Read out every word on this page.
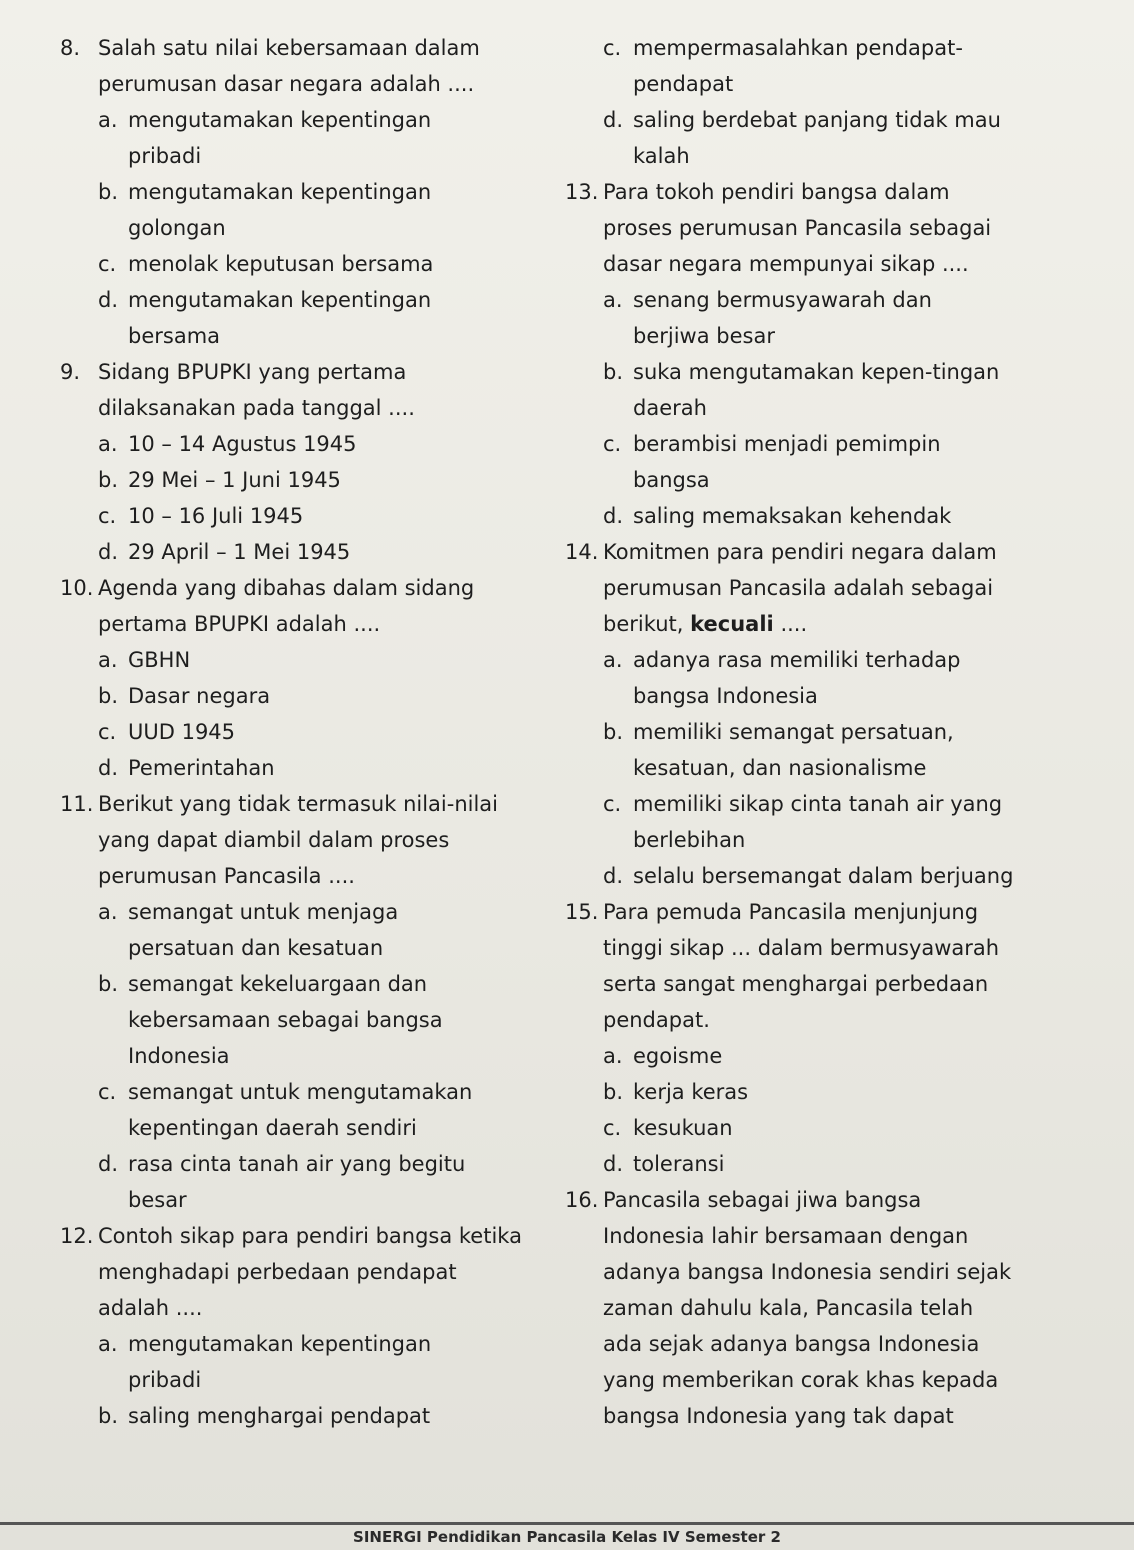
8. Salah satu nilai kebersamaan dalam
perumusan dasar negara adalah ....
a. mengutamakan kepentingan
pribadi
b. mengutamakan kepentingan
golongan
c. menolak keputusan bersama
d. mengutamakan kepentingan
bersama
9. Sidang BPUPKI yang pertama
dilaksanakan pada tanggal ....
a. 10 – 14 Agustus 1945
b. 29 Mei – 1 Juni 1945
c. 10 – 16 Juli 1945
d. 29 April – 1 Mei 1945
10. Agenda yang dibahas dalam sidang
pertama BPUPKI adalah ....
a. GBHN
b. Dasar negara
c. UUD 1945
d. Pemerintahan
11. Berikut yang tidak termasuk nilai-nilai
yang dapat diambil dalam proses
perumusan Pancasila ....
a. semangat untuk menjaga
persatuan dan kesatuan
b. semangat kekeluargaan dan
kebersamaan sebagai bangsa
Indonesia
c. semangat untuk mengutamakan
kepentingan daerah sendiri
d. rasa cinta tanah air yang begitu
besar
12. Contoh sikap para pendiri bangsa ketika
menghadapi perbedaan pendapat
adalah ....
a. mengutamakan kepentingan
pribadi
b. saling menghargai pendapat
c. mempermasalahkan pendapat-
pendapat
d. saling berdebat panjang tidak mau
kalah
13. Para tokoh pendiri bangsa dalam
proses perumusan Pancasila sebagai
dasar negara mempunyai sikap ....
a. senang bermusyawarah dan
berjiwa besar
b. suka mengutamakan kepen-tingan
daerah
c. berambisi menjadi pemimpin
bangsa
d. saling memaksakan kehendak
14. Komitmen para pendiri negara dalam
perumusan Pancasila adalah sebagai
berikut, kecuali ....
a. adanya rasa memiliki terhadap
bangsa Indonesia
b. memiliki semangat persatuan,
kesatuan, dan nasionalisme
c. memiliki sikap cinta tanah air yang
berlebihan
d. selalu bersemangat dalam berjuang
15. Para pemuda Pancasila menjunjung
tinggi sikap ... dalam bermusyawarah
serta sangat menghargai perbedaan
pendapat.
a. egoisme
b. kerja keras
c. kesukuan
d. toleransi
16. Pancasila sebagai jiwa bangsa
Indonesia lahir bersamaan dengan
adanya bangsa Indonesia sendiri sejak
zaman dahulu kala, Pancasila telah
ada sejak adanya bangsa Indonesia
yang memberikan corak khas kepada
bangsa Indonesia yang tak dapat
SINERGI Pendidikan Pancasila Kelas IV Semester 2
